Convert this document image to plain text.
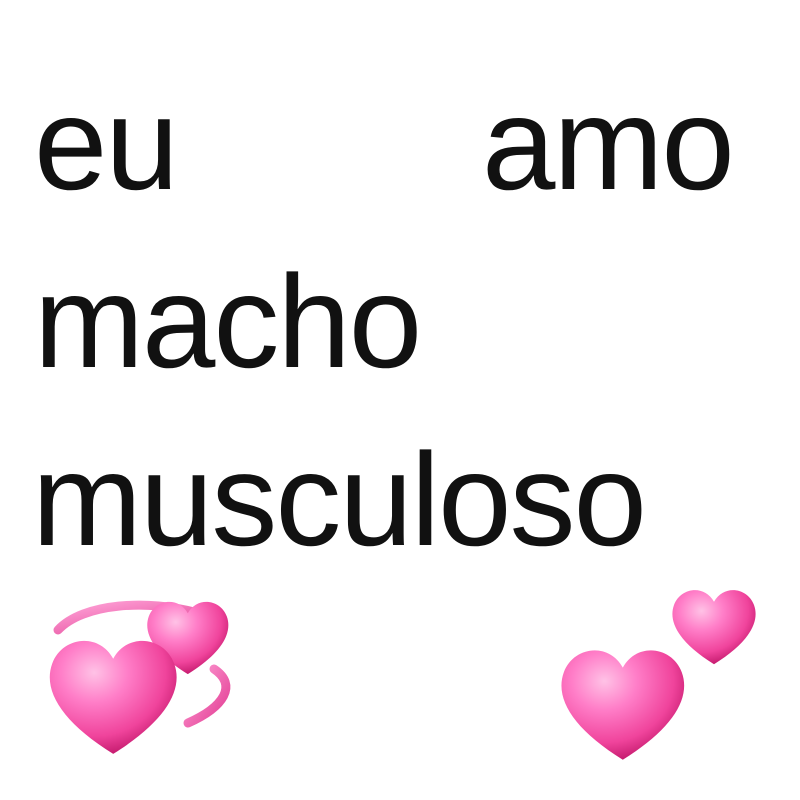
eu amo
macho
musculoso
